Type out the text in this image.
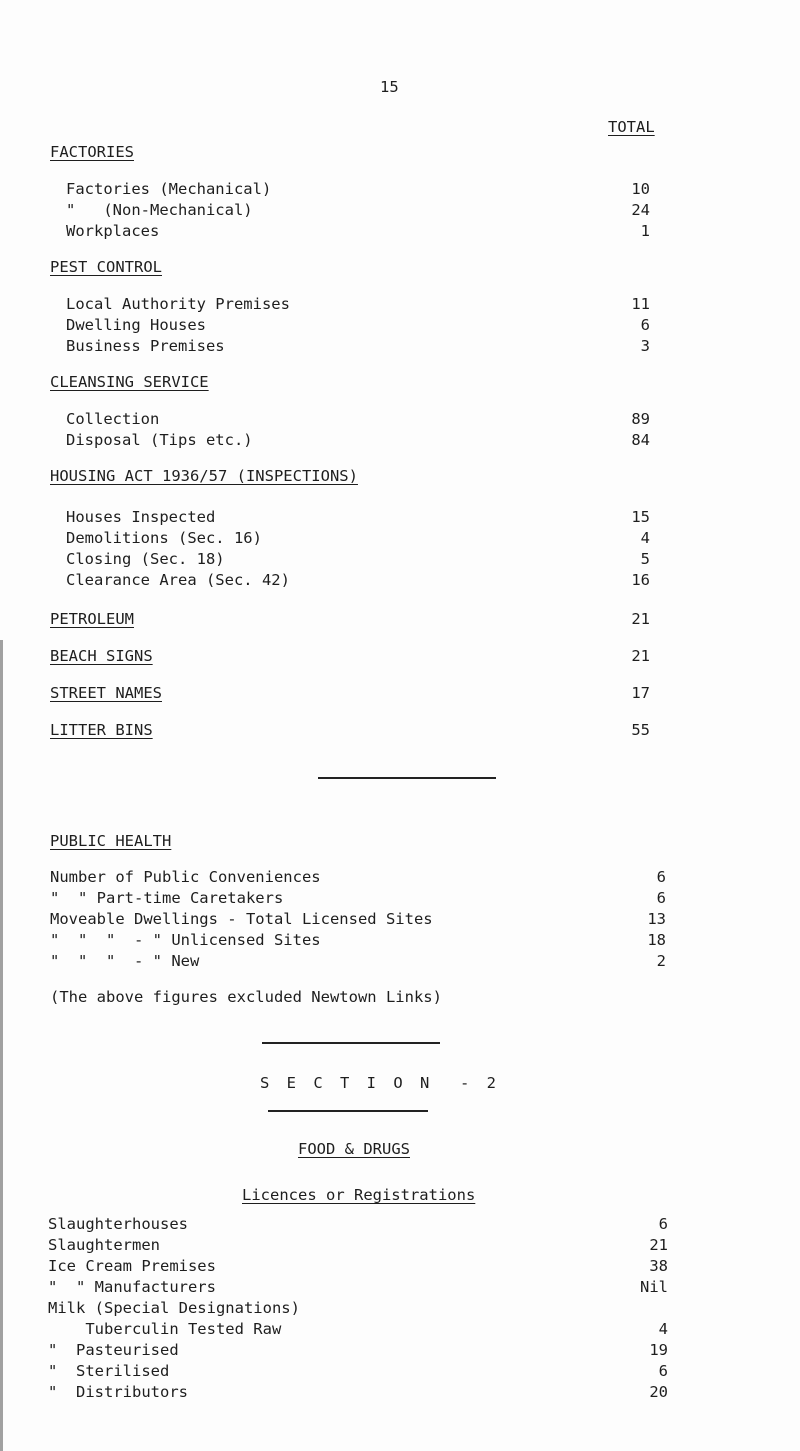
15
TOTAL
FACTORIES
Factories (Mechanical)	10
"   (Non-Mechanical)	24
Workplaces	1
PEST CONTROL
Local Authority Premises	11
Dwelling Houses	6
Business Premises	3
CLEANSING SERVICE
Collection	89
Disposal (Tips etc.)	84
HOUSING ACT 1936/57 (INSPECTIONS)
Houses Inspected	15
Demolitions (Sec. 16)	4
Closing (Sec. 18)	5
Clearance Area (Sec. 42)	16
PETROLEUM	21
BEACH SIGNS	21
STREET NAMES	17
LITTER BINS	55
PUBLIC HEALTH
Number of Public Conveniences	6
"  " Part-time Caretakers	6
Moveable Dwellings - Total Licensed Sites	13
"  "  "  - " Unlicensed Sites	18
"  "  "  - " New	2
(The above figures excluded Newtown Links)
S E C T I O N  - 2
FOOD & DRUGS
Licences or Registrations
Slaughterhouses	6
Slaughtermen	21
Ice Cream Premises	38
"  " Manufacturers	Nil
Milk (Special Designations)
Tuberculin Tested Raw	4
"  Pasteurised	19
"  Sterilised	6
"  Distributors	20
